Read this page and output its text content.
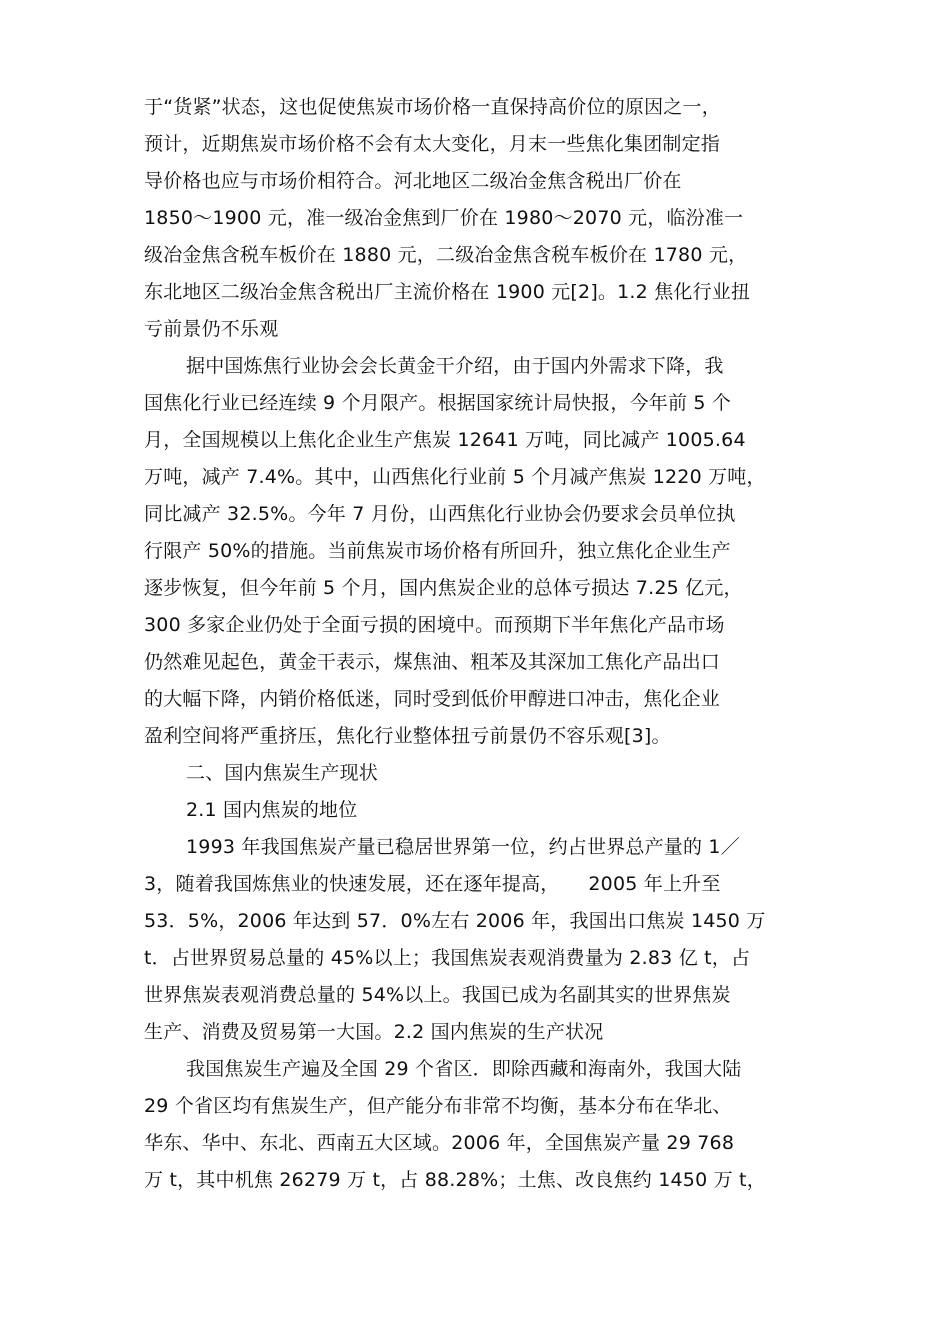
于“货紧”状态，这也促使焦炭市场价格一直保持高价位的原因之一，
预计，近期焦炭市场价格不会有太大变化，月末一些焦化集团制定指
导价格也应与市场价相符合。河北地区二级冶金焦含税出厂价在
1850～1900 元，准一级冶金焦到厂价在 1980～2070 元，临汾准一
级冶金焦含税车板价在 1880 元，二级冶金焦含税车板价在 1780 元，
东北地区二级冶金焦含税出厂主流价格在 1900 元[2]。1.2 焦化行业扭
亏前景仍不乐观
据中国炼焦行业协会会长黄金干介绍，由于国内外需求下降，我
国焦化行业已经连续 9 个月限产。根据国家统计局快报，今年前 5 个
月，全国规模以上焦化企业生产焦炭 12641 万吨，同比减产 1005.64
万吨，减产 7.4%。其中，山西焦化行业前 5 个月减产焦炭 1220 万吨，
同比减产 32.5%。今年 7 月份，山西焦化行业协会仍要求会员单位执
行限产 50%的措施。当前焦炭市场价格有所回升，独立焦化企业生产
逐步恢复，但今年前 5 个月，国内焦炭企业的总体亏损达 7.25 亿元，
300 多家企业仍处于全面亏损的困境中。而预期下半年焦化产品市场
仍然难见起色，黄金干表示，煤焦油、粗苯及其深加工焦化产品出口
的大幅下降，内销价格低迷，同时受到低价甲醇进口冲击，焦化企业
盈利空间将严重挤压，焦化行业整体扭亏前景仍不容乐观[3]。
二、国内焦炭生产现状
2.1 国内焦炭的地位
1993 年我国焦炭产量已稳居世界第一位，约占世界总产量的 1／
3，随着我国炼焦业的快速发展，还在逐年提高，　　2005 年上升至
53．5%，2006 年达到 57．0%左右 2006 年，我国出口焦炭 1450 万
t．占世界贸易总量的 45%以上；我国焦炭表观消费量为 2.83 亿 t，占
世界焦炭表观消费总量的 54%以上。我国已成为名副其实的世界焦炭
生产、消费及贸易第一大国。2.2 国内焦炭的生产状况
我国焦炭生产遍及全国 29 个省区．即除西藏和海南外，我国大陆
29 个省区均有焦炭生产，但产能分布非常不均衡，基本分布在华北、
华东、华中、东北、西南五大区域。2006 年，全国焦炭产量 29 768
万 t，其中机焦 26279 万 t，占 88.28%；土焦、改良焦约 1450 万 t，
